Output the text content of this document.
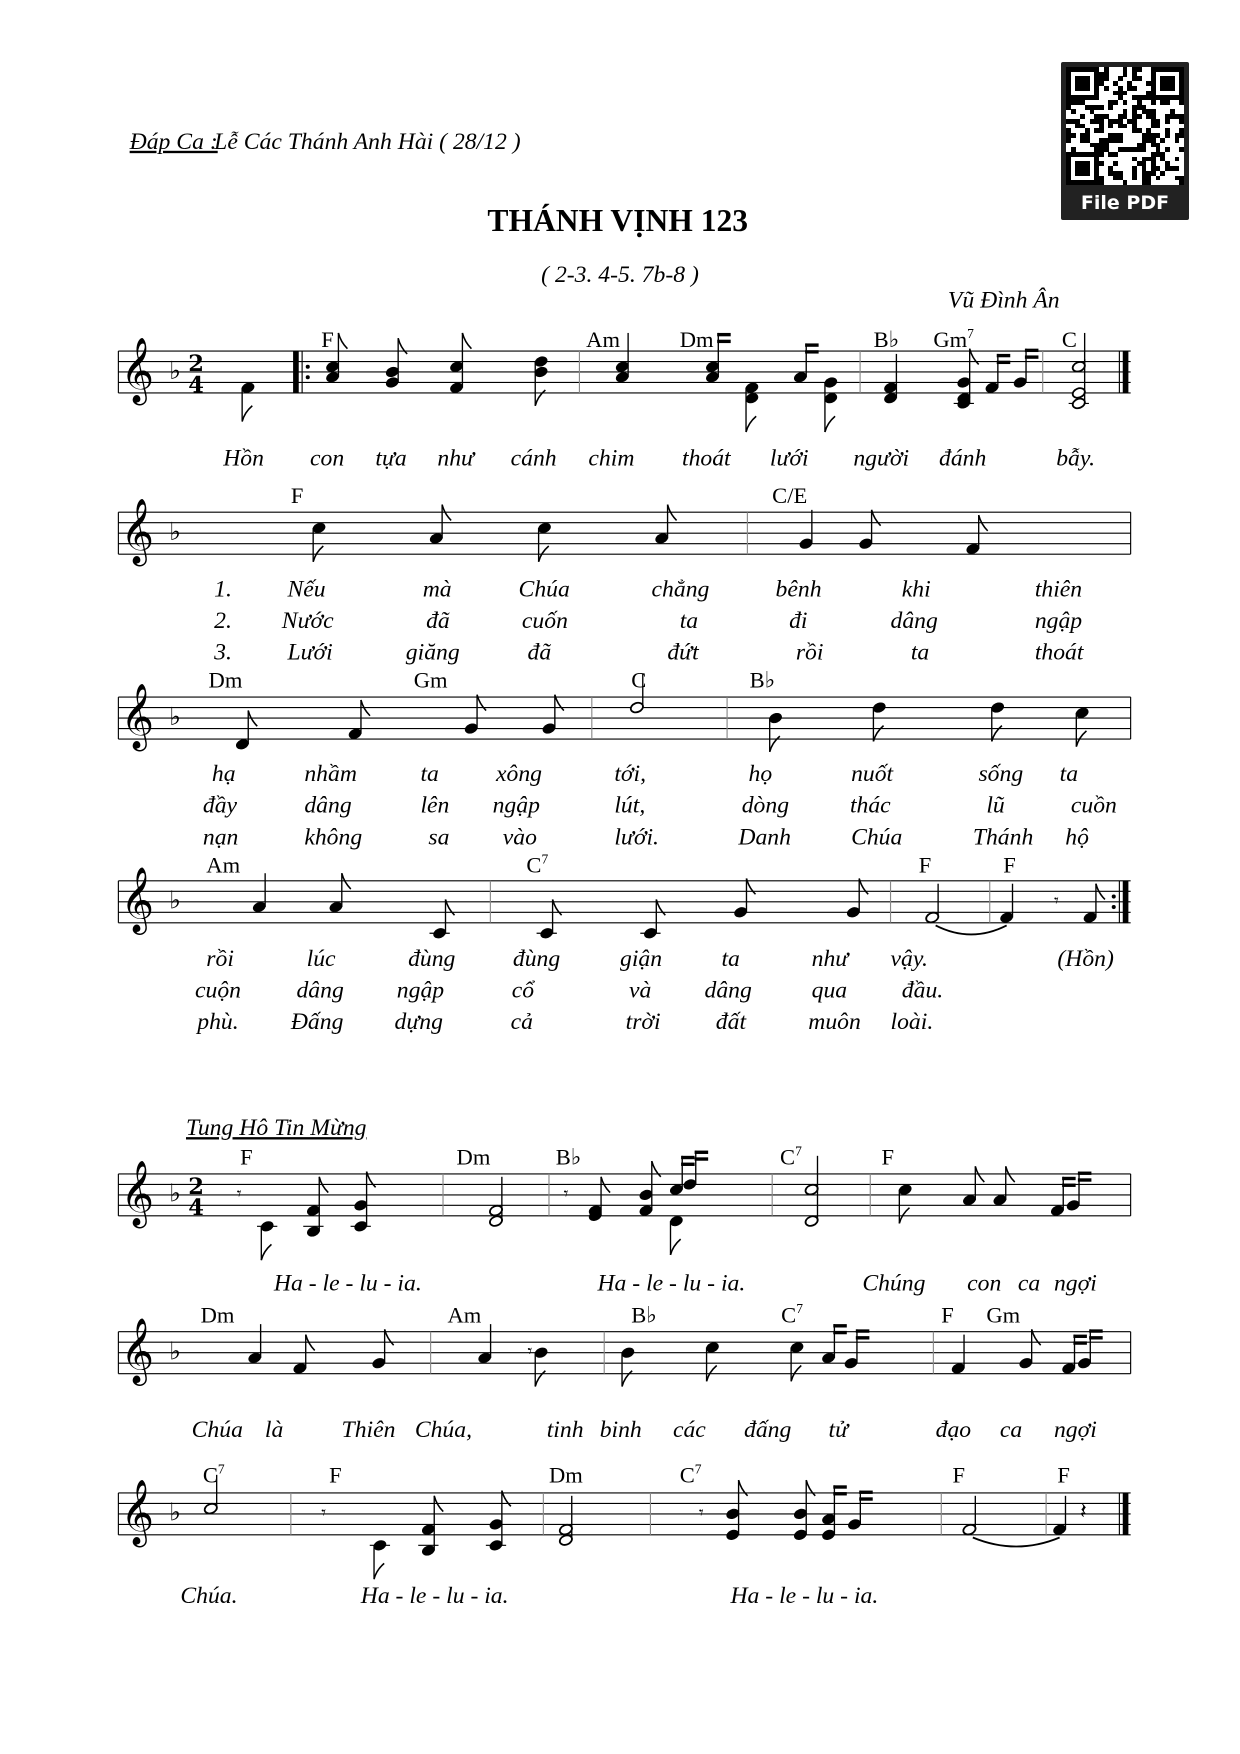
File PDF
Đáp Ca :
Lễ Các Thánh Anh Hài ( 28/12 )
THÁNH VỊNH 123
( 2-3. 4-5. 7b-8 )
Vũ Đình Ân
Tung Hô Tin Mừng
𝄞 ♭ 2
4
F	Am	Dm	B♭ Gm$^7$	C
Hồn con tựa như cánh chim thoát lưới người đánh	bẫy.
𝄞 ♭
F	C/E
1.	Nếu	mà	Chúa	chẳng	bênh	khi	thiên
2. Nước	đã	cuốn	ta	đi	dâng	ngập
3.	Lưới	giăng	đã	đứt	rồi	ta	thoát
𝄞 ♭
Dm	Gm	C	B♭
hạ	nhầm	ta	xông	tới,	họ	nuốt	sống ta
đầy	dâng	lên ngập	lút,	dòng	thác	lũ	cuồn
nạn	không	sa	vào	lưới.	Danh	Chúa	Thánh hộ
𝄞 ♭	𝄾
Am	$C^7$	F	F
rồi	lúc	đùng	đùng	giận	ta	như vậy.	(Hồn)
cuộn	dâng	ngập	cổ	và	dâng	qua	đầu.
phù. Đấng dựng	cả	trời	đất	muôn loài.
𝄞 ♭ 2
4
𝄾	𝄾
F	Dm	B♭	$C^7$	F
Ha - le - lu - ia.	Ha - le - lu - ia.	Chúng con ca ngợi
𝄞 ♭	𝄾
Dm	Am	B♭	$C^7$	F Gm
Chúa là	Thiên Chúa,	tinh binh các đấng tử	đạo ca ngợi
𝄞 ♭	𝄾	𝄾	𝄽
$C^7$	F	Dm	$C^7$	F	F
Chúa.	Ha - le - lu - ia.	Ha - le - lu - ia.
